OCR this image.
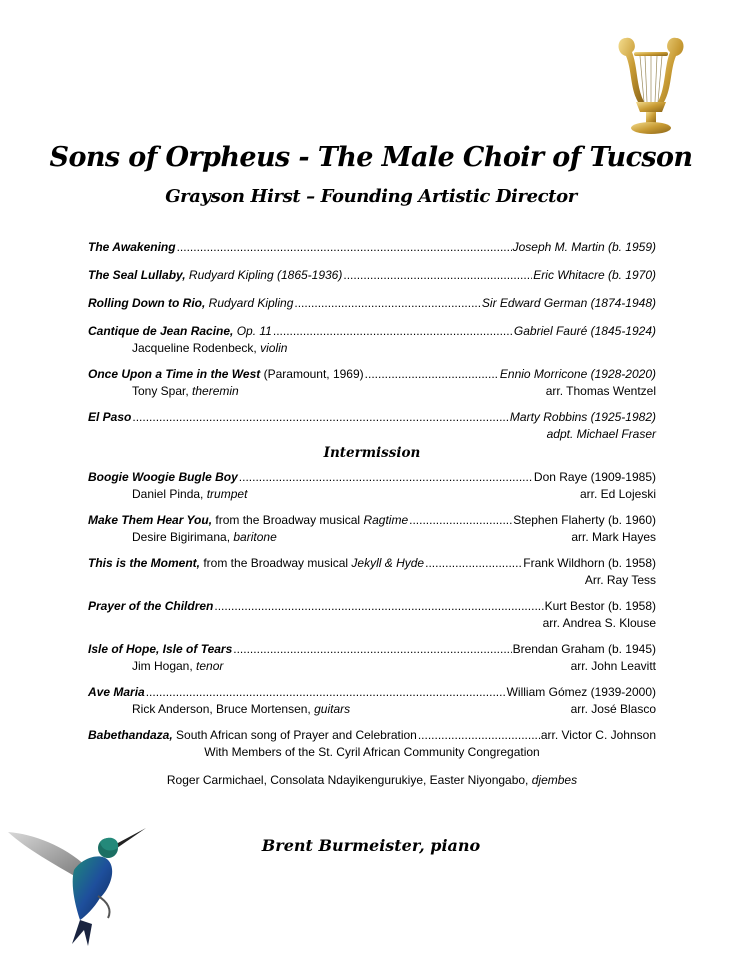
Sons of Orpheus - The Male Choir of Tucson
Grayson Hirst – Founding Artistic Director
The Awakening .....	Joseph M. Martin (b. 1959)
The Seal Lullaby, Rudyard Kipling (1865-1936) .....	Eric Whitacre (b. 1970)
Rolling Down to Rio, Rudyard Kipling .....	Sir Edward German (1874-1948)
Cantique de Jean Racine, Op. 11 .....	Gabriel Fauré (1845-1924)
Jacqueline Rodenbeck, violin
Once Upon a Time in the West (Paramount, 1969) .....	Ennio Morricone (1928-2020)
Tony Spar, theremin	arr. Thomas Wentzel
El Paso .....	Marty Robbins (1925-1982)
adpt. Michael Fraser
Intermission
Boogie Woogie Bugle Boy .....	Don Raye (1909-1985)
Daniel Pinda, trumpet	arr. Ed Lojeski
Make Them Hear You, from the Broadway musical Ragtime .....	Stephen Flaherty (b. 1960)
Desire Bigirimana, baritone	arr. Mark Hayes
This is the Moment, from the Broadway musical Jekyll & Hyde .....	Frank Wildhorn (b. 1958)
Arr. Ray Tess
Prayer of the Children .....	Kurt Bestor (b. 1958)
arr. Andrea S. Klouse
Isle of Hope, Isle of Tears .....	Brendan Graham (b. 1945)
Jim Hogan, tenor	arr. John Leavitt
Ave Maria .....	William Gómez (1939-2000)
Rick Anderson, Bruce Mortensen, guitars	arr. José Blasco
Babethandaza, South African song of Prayer and Celebration .....	arr. Victor C. Johnson
With Members of the St. Cyril African Community Congregation
Roger Carmichael, Consolata Ndayikengurukiye, Easter Niyongabo, djembes
Brent Burmeister, piano
